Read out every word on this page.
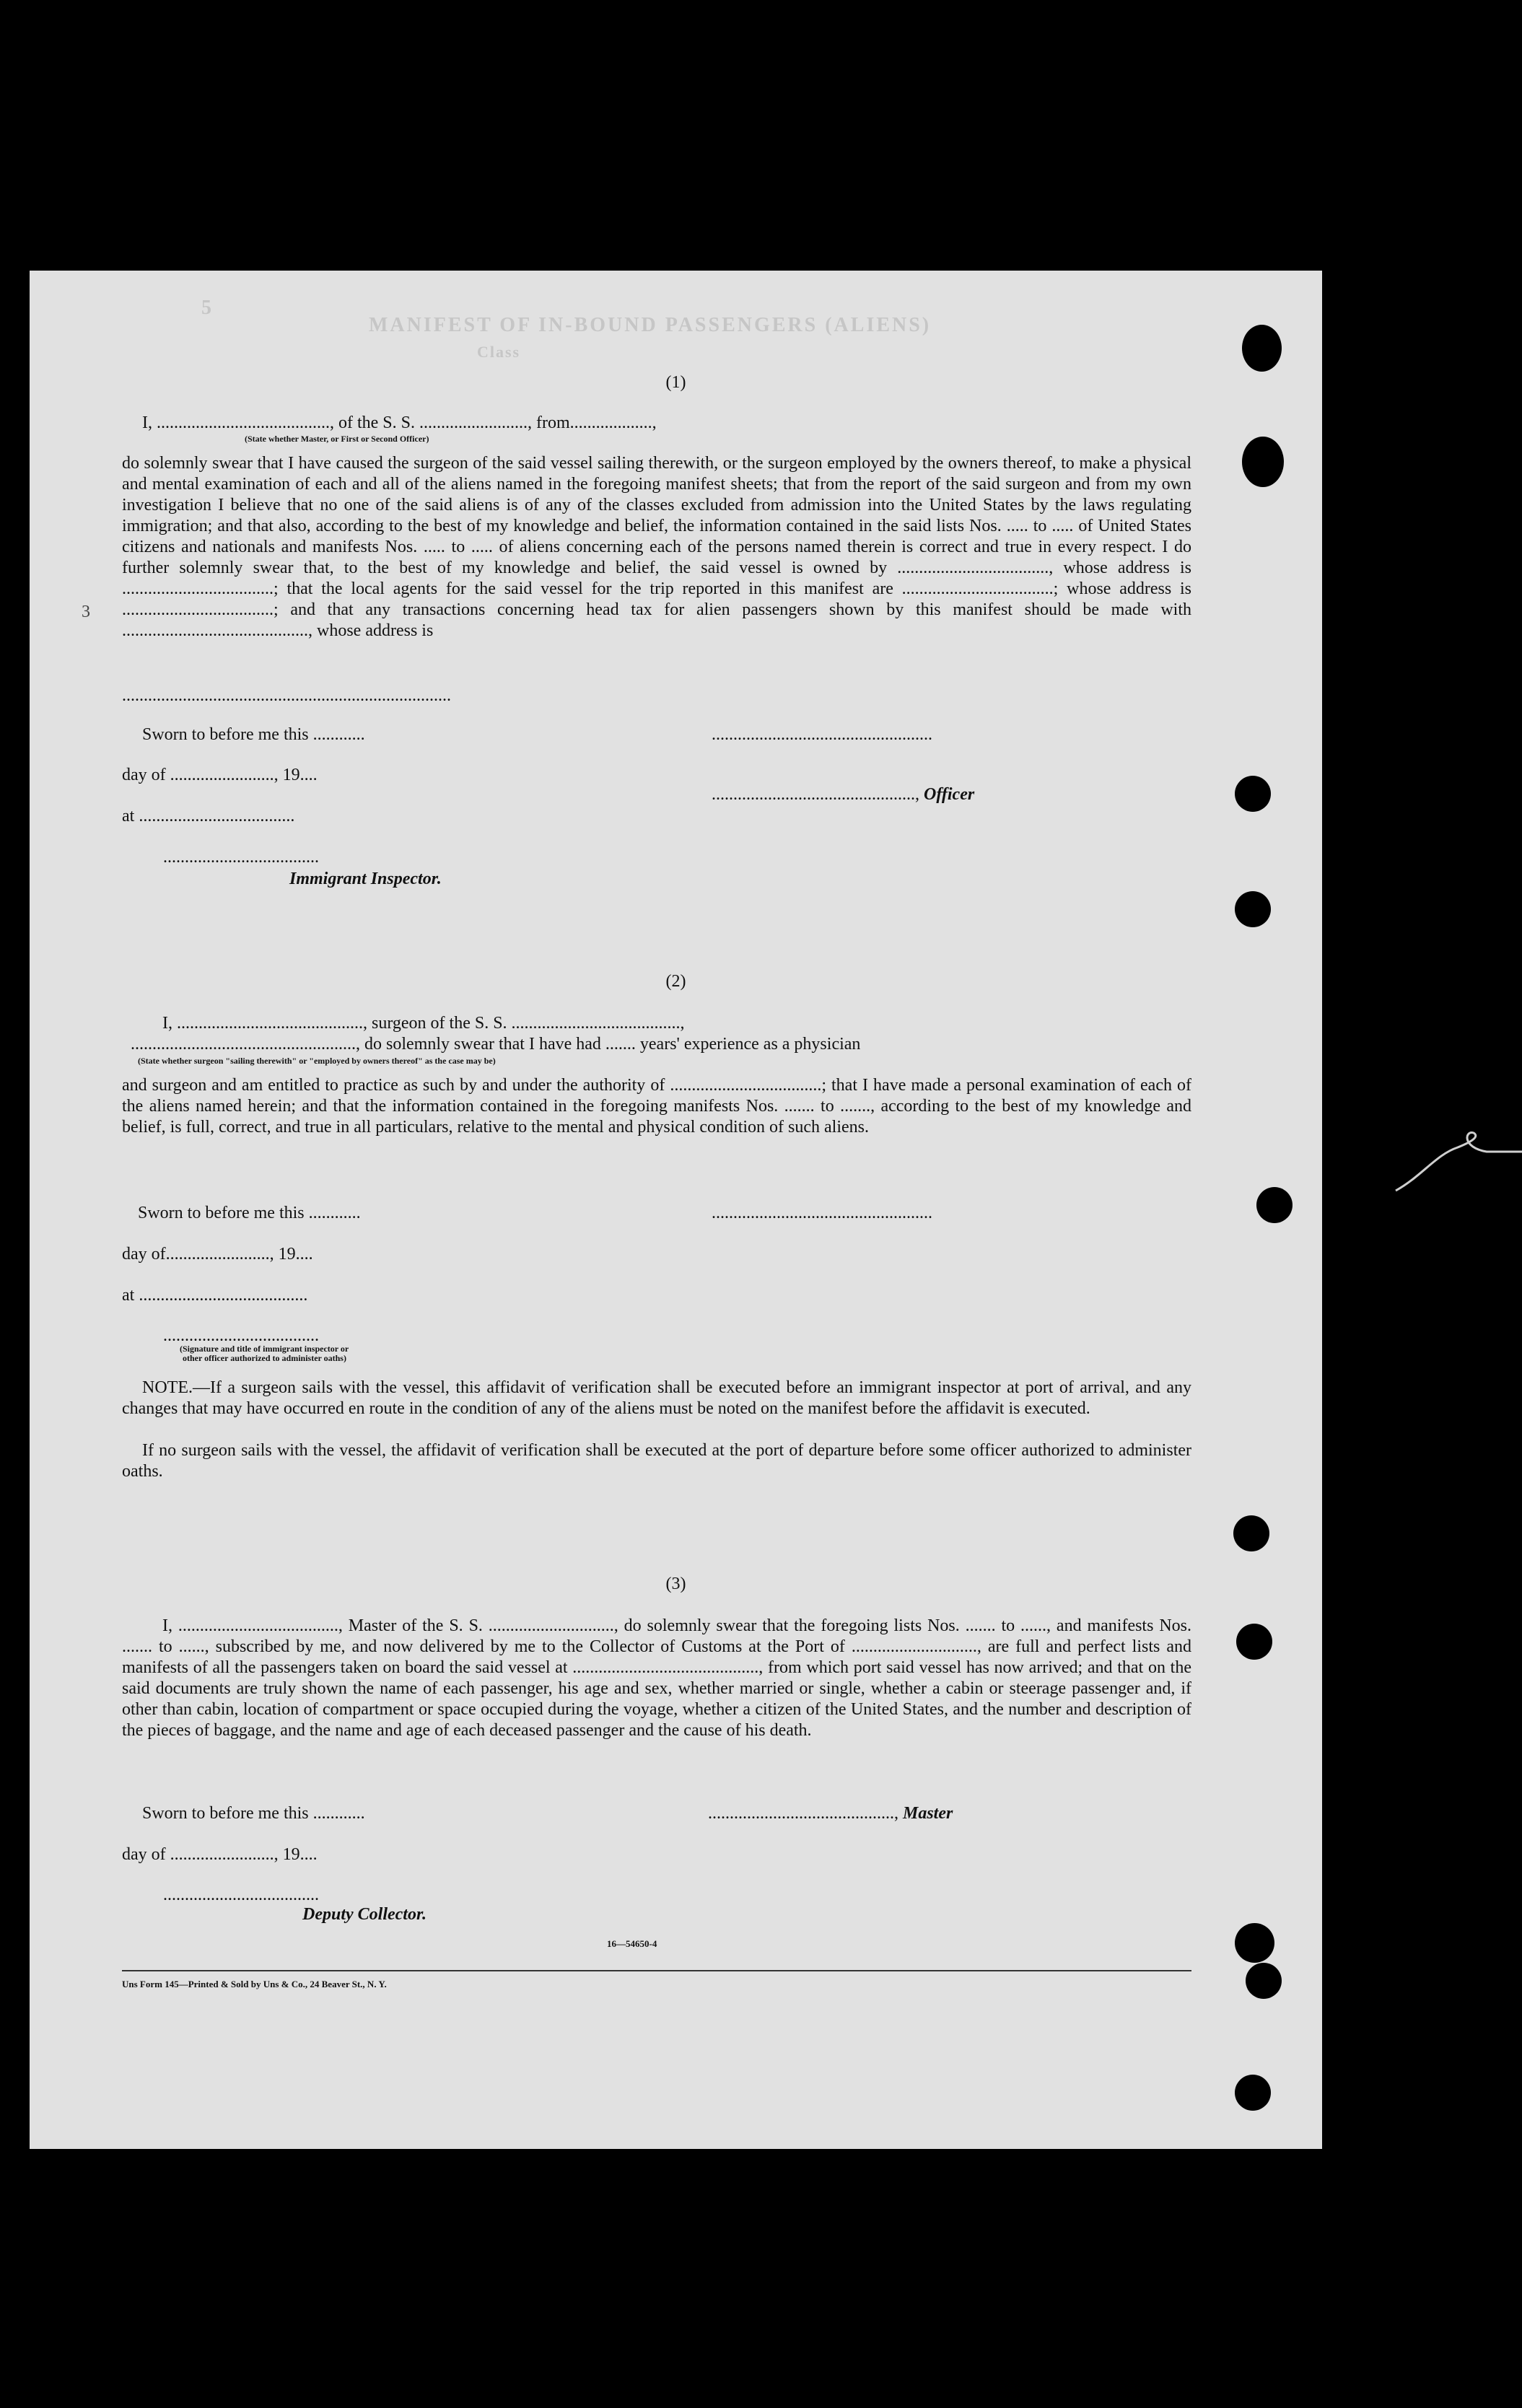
MANIFEST OF IN-BOUND PASSENGERS (ALIENS)
Class
5
(1)
I, ........................................, of the S. S. ........................., from...................,
(State whether Master, or First or Second Officer)
do solemnly swear that I have caused the surgeon of the said vessel sailing therewith, or the surgeon employed by the owners thereof, to make a physical and mental examination of each and all of the aliens named in the foregoing manifest sheets; that from the report of the said surgeon and from my own investigation I believe that no one of the said aliens is of any of the classes excluded from admission into the United States by the laws regulating immigration; and that also, according to the best of my knowledge and belief, the information contained in the said lists Nos. ..... to ..... of United States citizens and nationals and manifests Nos. ..... to ..... of aliens concerning each of the persons named therein is correct and true in every respect. I do further solemnly swear that, to the best of my knowledge and belief, the said vessel is owned by ..................................., whose address is ...................................; that the local agents for the said vessel for the trip reported in this manifest are ...................................; whose address is ...................................; and that any transactions concerning head tax for alien passengers shown by this manifest should be made with ..........................................., whose address is
............................................................................
Sworn to before me this ............	...................................................
day of ........................, 19....
..............................................., Officer
at ....................................
....................................
Immigrant Inspector.
(2)
I, ..........................................., surgeon of the S. S. .......................................,
...................................................., do solemnly swear that I have had ....... years' experience as a physician
(State whether surgeon "sailing therewith" or "employed by owners thereof" as the case may be)
and surgeon and am entitled to practice as such by and under the authority of ...................................; that I have made a personal examination of each of the aliens named herein; and that the information contained in the foregoing manifests Nos. ....... to ......., according to the best of my knowledge and belief, is full, correct, and true in all particulars, relative to the mental and physical condition of such aliens.
Sworn to before me this ............	...................................................
day of........................, 19....
at .......................................
....................................
(Signature and title of immigrant inspector or
other officer authorized to administer oaths)
NOTE.—If a surgeon sails with the vessel, this affidavit of verification shall be executed before an immigrant inspector at port of arrival, and any changes that may have occurred en route in the condition of any of the aliens must be noted on the manifest before the affidavit is executed.
If no surgeon sails with the vessel, the affidavit of verification shall be executed at the port of departure before some officer authorized to administer oaths.
(3)
I, ....................................., Master of the S. S. ............................., do solemnly swear that the foregoing lists Nos. ....... to ......, and manifests Nos. ....... to ......, subscribed by me, and now delivered by me to the Collector of Customs at the Port of ............................., are full and perfect lists and manifests of all the passengers taken on board the said vessel at ..........................................., from which port said vessel has now arrived; and that on the said documents are truly shown the name of each passenger, his age and sex, whether married or single, whether a cabin or steerage passenger and, if other than cabin, location of compartment or space occupied during the voyage, whether a citizen of the United States, and the number and description of the pieces of baggage, and the name and age of each deceased passenger and the cause of his death.
Sworn to before me this ............	..........................................., Master
day of ........................, 19....
....................................
Deputy Collector.
16—54650-4
Uns Form 145—Printed & Sold by Uns & Co., 24 Beaver St., N. Y.
3
